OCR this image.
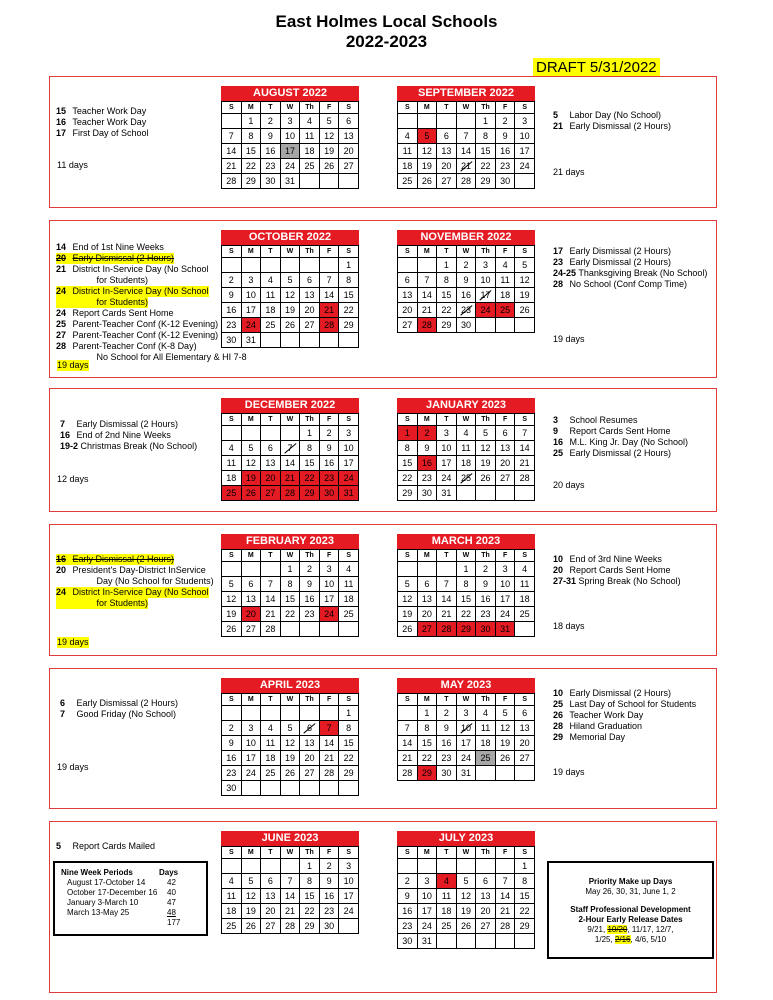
East Holmes Local Schools
2022-2023
DRAFT 5/31/2022
Nine Week Periods	Days
August 17-October 14	42
October 17-December 16	40
January 3-March 10	47
March 13-May 25	48
177
Priority Make up Days
May 26, 30, 31, June 1, 2
Staff Professional Development
2-Hour Early Release Dates
9/21, 10/20, 11/17, 12/7,
1/25, 2/16, 4/6, 5/10
15 Teacher Work Day
16 Teacher Work Day
17 First Day of School
11 days
5 Labor Day (No School)
21 Early Dismissal (2 Hours)
21 days
AUGUST 2022
S	M	T	W	Th	F	S
	1	2	3	4	5	6
7	8	9	10	11	12	13
14	15	16	17	18	19	20
21	22	23	24	25	26	27
28	29	30	31			
SEPTEMBER 2022
S	M	T	W	Th	F	S
				1	2	3
4	5	6	7	8	9	10
11	12	13	14	15	16	17
18	19	20	21	22	23	24
25	26	27	28	29	30	
14 End of 1st Nine Weeks
20 Early Dismissal (2 Hours)
21 District In-Service Day (No School
for Students)
24 District In-Service Day (No School
for Students)
24 Report Cards Sent Home
25 Parent-Teacher Conf (K-12 Evening)
27 Parent-Teacher Conf (K-12 Evening)
28 Parent-Teacher Conf (K-8 Day)
No School for All Elementary & HI 7-8
19 days
17 Early Dismissal (2 Hours)
23 Early Dismissal (2 Hours)
24-25 Thanksgiving Break (No School)
28 No School (Conf Comp Time)
19 days
OCTOBER 2022
S	M	T	W	Th	F	S
						1
2	3	4	5	6	7	8
9	10	11	12	13	14	15
16	17	18	19	20	21	22
23	24	25	26	27	28	29
30	31					
NOVEMBER 2022
S	M	T	W	Th	F	S
		1	2	3	4	5
6	7	8	9	10	11	12
13	14	15	16	17	18	19
20	21	22	23	24	25	26
27	28	29	30			
7 Early Dismissal (2 Hours)
16 End of 2nd Nine Weeks
19-2 Christmas Break (No School)
12 days
3 School Resumes
9 Report Cards Sent Home
16 M.L. King Jr. Day (No School)
25 Early Dismissal (2 Hours)
20 days
DECEMBER 2022
S	M	T	W	Th	F	S
				1	2	3
4	5	6	7	8	9	10
11	12	13	14	15	16	17
18	19	20	21	22	23	24
25	26	27	28	29	30	31
JANUARY 2023
S	M	T	W	Th	F	S
1	2	3	4	5	6	7
8	9	10	11	12	13	14
15	16	17	18	19	20	21
22	23	24	25	26	27	28
29	30	31				
16 Early Dismissal (2 Hours)
20 President's Day-District InService
Day (No School for Students)
24 District In-Service Day (No School
for Students)
19 days
10 End of 3rd Nine Weeks
20 Report Cards Sent Home
27-31 Spring Break (No School)
18 days
FEBRUARY 2023
S	M	T	W	Th	F	S
			1	2	3	4
5	6	7	8	9	10	11
12	13	14	15	16	17	18
19	20	21	22	23	24	25
26	27	28				
MARCH 2023
S	M	T	W	Th	F	S
			1	2	3	4
5	6	7	8	9	10	11
12	13	14	15	16	17	18
19	20	21	22	23	24	25
26	27	28	29	30	31	
6 Early Dismissal (2 Hours)
7 Good Friday (No School)
19 days
10 Early Dismissal (2 Hours)
25 Last Day of School for Students
26 Teacher Work Day
28 Hiland Graduation
29 Memorial Day
19 days
APRIL 2023
S	M	T	W	Th	F	S
						1
2	3	4	5	6	7	8
9	10	11	12	13	14	15
16	17	18	19	20	21	22
23	24	25	26	27	28	29
30						
MAY 2023
S	M	T	W	Th	F	S
	1	2	3	4	5	6
7	8	9	10	11	12	13
14	15	16	17	18	19	20
21	22	23	24	25	26	27
28	29	30	31			
5 Report Cards Mailed
JUNE 2023
S	M	T	W	Th	F	S
				1	2	3
4	5	6	7	8	9	10
11	12	13	14	15	16	17
18	19	20	21	22	23	24
25	26	27	28	29	30	
JULY 2023
S	M	T	W	Th	F	S
						1
2	3	4	5	6	7	8
9	10	11	12	13	14	15
16	17	18	19	20	21	22
23	24	25	26	27	28	29
30	31					
